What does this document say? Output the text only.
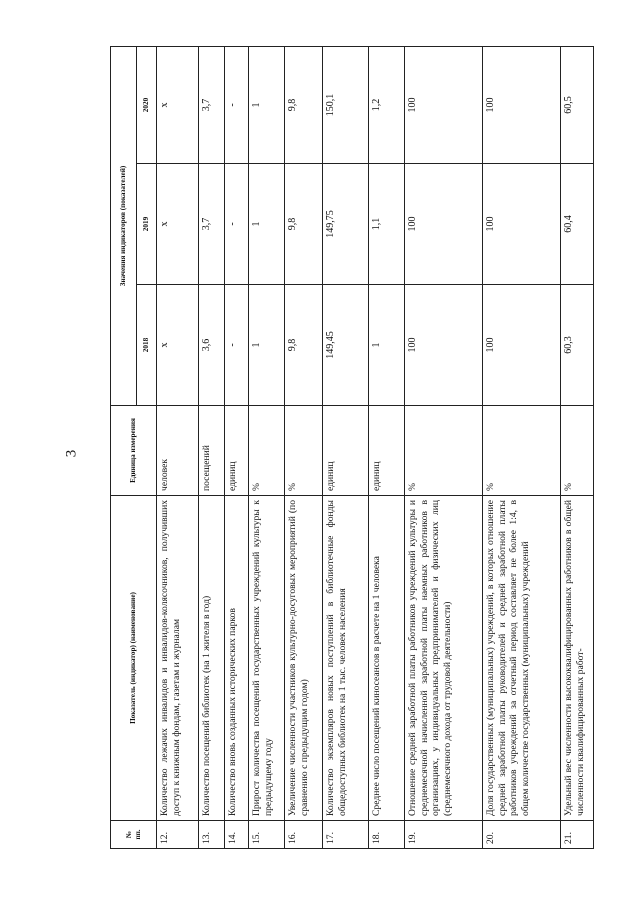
3
№ пп.	Показатель (индикатор) (наименование)	Единица измерения	Значения индикаторов (показателей)		
			2018	2019	2020
12.	Количество лежачих инвалидов и инвалидов-колясочников, получивших доступ к книжным фондам, газетам и журналам	человек	х	х	х
13.	Количество посещений библиотек (на 1 жителя в год)	посещений	3,6	3,7	3,7
14.	Количество вновь созданных исторических парков	единиц	-	-	-
15.	Прирост количества посещений государственных учреждений культуры к предыдущему году	%	1	1	1
16.	Увеличение численности участников культурно-досуговых мероприятий (по сравнению с предыдущим годом)	%	9,8	9,8	9,8
17.	Количество экземпляров новых поступлений в библиотечные фонды общедоступных библиотек на 1 тыс. человек населения	единиц	149,45	149,75	150,1
18.	Среднее число посещений киносеансов в расчете на 1 человека	единиц	1	1,1	1,2
19.	Отношение средней заработной платы работников учреждений культуры и среднемесячной начисленной заработной платы наемных работников в организациях, у индивидуальных предпринимателей и физических лиц (среднемесячного дохода от трудовой деятельности)	%	100	100	100
20.	Доля государственных (муниципальных) учреждений, в которых отношение средней заработной платы руководителей и средней заработной платы работников учреждений за отчетный период составляет не более 1:4, в общем количестве государственных (муниципальных) учреждений	%	100	100	100
21.	Удельный вес численности высококвалифицированных работников в общей численности квалифицированных работ-	%	60,3	60,4	60,5
